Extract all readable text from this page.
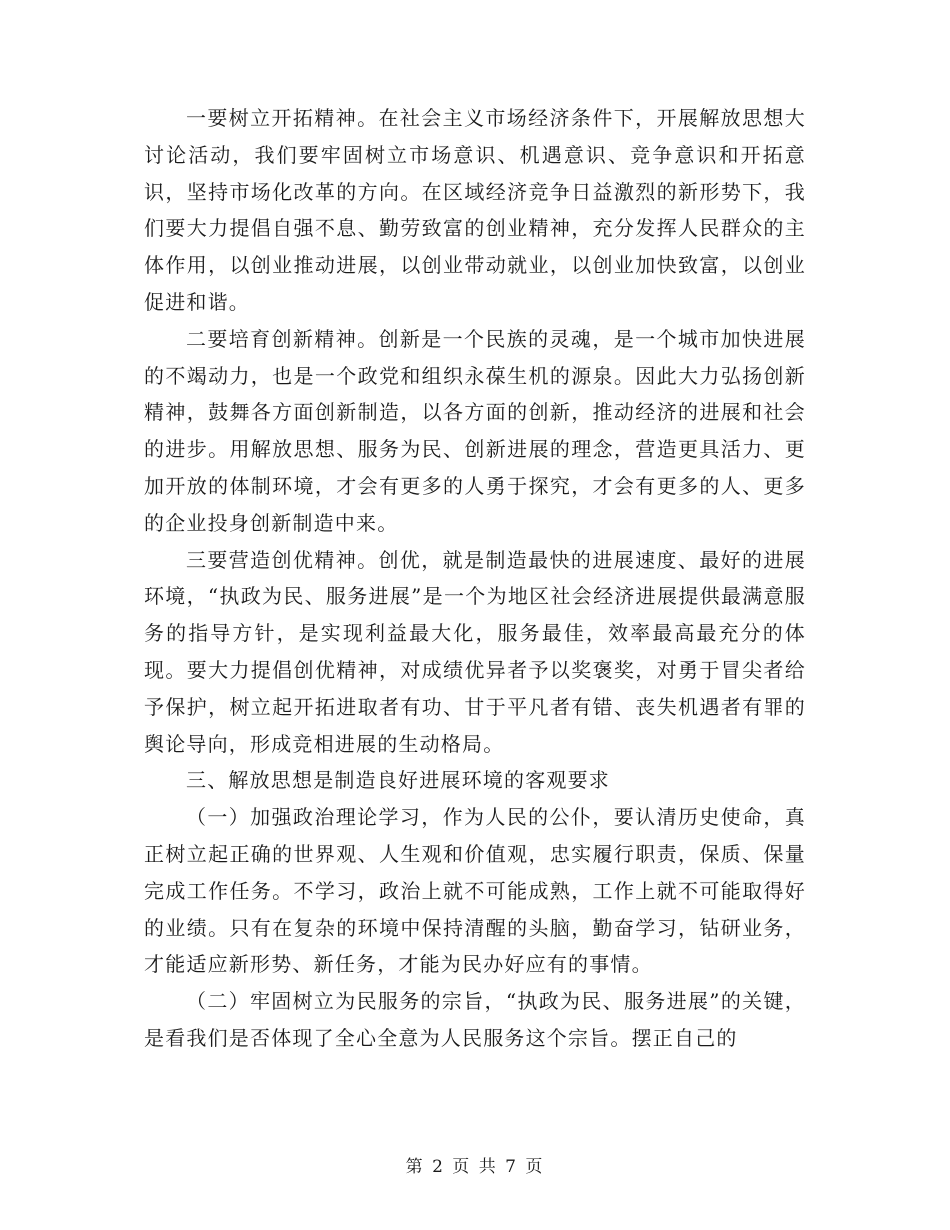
一要树立开拓精神。在社会主义市场经济条件下，开展解放思想大讨论活动，我们要牢固树立市场意识、机遇意识、竞争意识和开拓意识，坚持市场化改革的方向。在区域经济竞争日益激烈的新形势下，我们要大力提倡自强不息、勤劳致富的创业精神，充分发挥人民群众的主体作用，以创业推动进展，以创业带动就业，以创业加快致富，以创业促进和谐。

二要培育创新精神。创新是一个民族的灵魂，是一个城市加快进展的不竭动力，也是一个政党和组织永葆生机的源泉。因此大力弘扬创新精神，鼓舞各方面创新制造，以各方面的创新，推动经济的进展和社会的进步。用解放思想、服务为民、创新进展的理念，营造更具活力、更加开放的体制环境，才会有更多的人勇于探究，才会有更多的人、更多的企业投身创新制造中来。

三要营造创优精神。创优，就是制造最快的进展速度、最好的进展环境，“执政为民、服务进展”是一个为地区社会经济进展提供最满意服务的指导方针，是实现利益最大化，服务最佳，效率最高最充分的体现。要大力提倡创优精神，对成绩优异者予以奖褒奖，对勇于冒尖者给予保护，树立起开拓进取者有功、甘于平凡者有错、丧失机遇者有罪的舆论导向，形成竞相进展的生动格局。

三、解放思想是制造良好进展环境的客观要求

（一）加强政治理论学习，作为人民的公仆，要认清历史使命，真正树立起正确的世界观、人生观和价值观，忠实履行职责，保质、保量完成工作任务。不学习，政治上就不可能成熟，工作上就不可能取得好的业绩。只有在复杂的环境中保持清醒的头脑，勤奋学习，钻研业务，才能适应新形势、新任务，才能为民办好应有的事情。

（二）牢固树立为民服务的宗旨，“执政为民、服务进展”的关键，是看我们是否体现了全心全意为人民服务这个宗旨。摆正自己的

第 2 页 共 7 页
